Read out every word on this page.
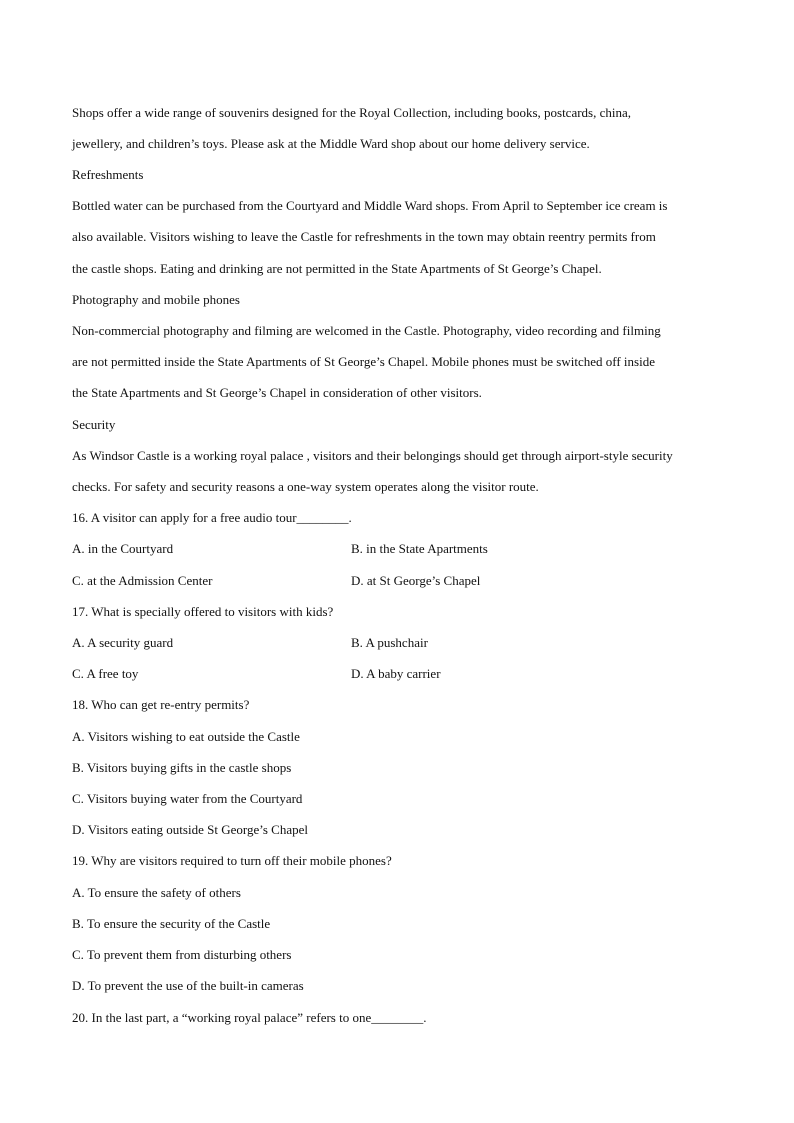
Shops offer a wide range of souvenirs designed for the Royal Collection, including books, postcards, china,
jewellery, and children’s toys. Please ask at the Middle Ward shop about our home delivery service.
Refreshments
Bottled water can be purchased from the Courtyard and Middle Ward shops. From April to September ice cream is
also available. Visitors wishing to leave the Castle for refreshments in the town may obtain reentry permits from
the castle shops. Eating and drinking are not permitted in the State Apartments of St George’s Chapel.
Photography and mobile phones
Non-commercial photography and filming are welcomed in the Castle. Photography, video recording and filming
are not permitted inside the State Apartments of St George’s Chapel. Mobile phones must be switched off inside
the State Apartments and St George’s Chapel in consideration of other visitors.
Security
As Windsor Castle is a working royal palace , visitors and their belongings should get through airport-style security
checks. For safety and security reasons a one-way system operates along the visitor route.
16. A visitor can apply for a free audio tour________.
A. in the Courtyard	B. in the State Apartments
C. at the Admission Center	D. at St George’s Chapel
17. What is specially offered to visitors with kids?
A. A security guard	B. A pushchair
C. A free toy	D. A baby carrier
18. Who can get re-entry permits?
A. Visitors wishing to eat outside the Castle
B. Visitors buying gifts in the castle shops
C. Visitors buying water from the Courtyard
D. Visitors eating outside St George’s Chapel
19. Why are visitors required to turn off their mobile phones?
A. To ensure the safety of others
B. To ensure the security of the Castle
C. To prevent them from disturbing others
D. To prevent the use of the built-in cameras
20. In the last part, a “working royal palace” refers to one________.
